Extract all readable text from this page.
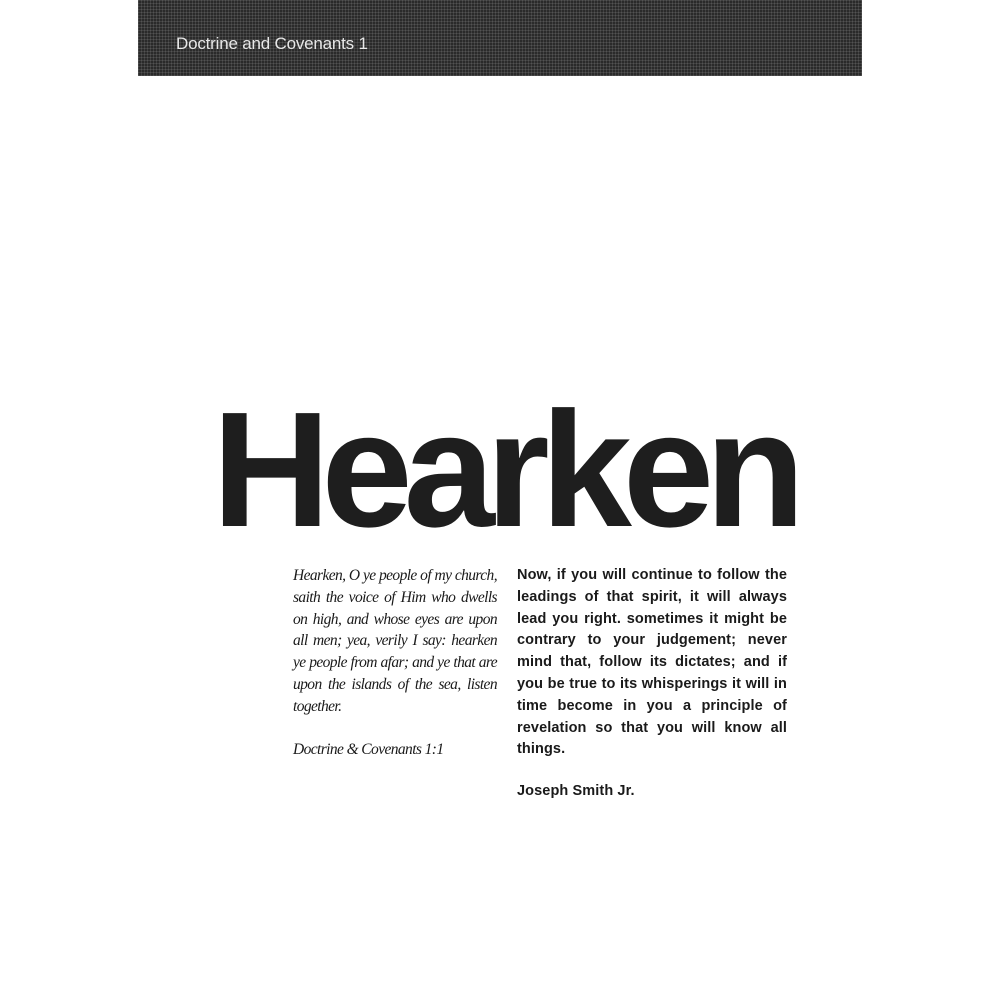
Doctrine and Covenants 1
Hearken
Hearken, O ye people of my church, saith the voice of Him who dwells on high, and whose eyes are upon all men; yea, verily I say: hearken ye people from afar; and ye that are upon the islands of the sea, listen together.
Doctrine & Covenants 1:1
Now, if you will continue to follow the leadings of that spirit, it will always lead you right. sometimes it might be contrary to your judgement; never mind that, follow its dictates; and if you be true to its whisperings it will in time become in you a principle of revelation so that you will know all things.
Joseph Smith Jr.
